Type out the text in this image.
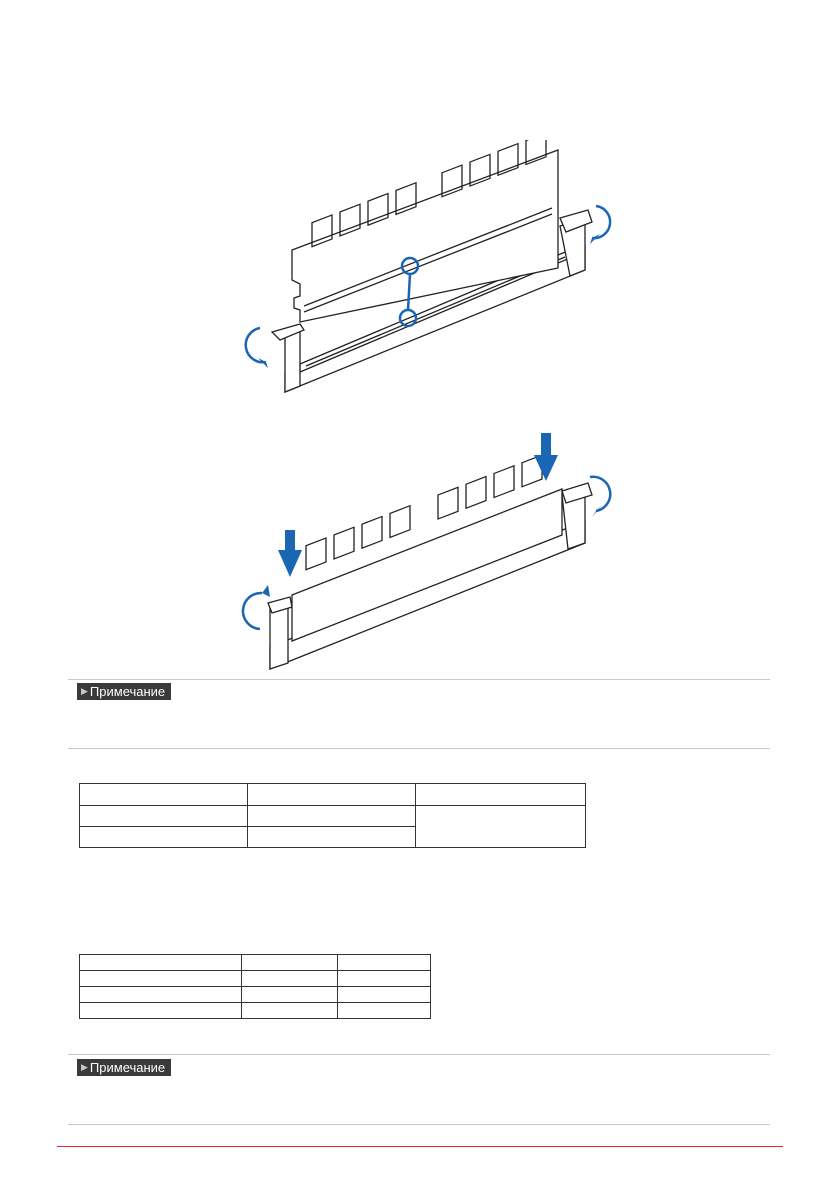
▶ Примечание

▶ Примечание
